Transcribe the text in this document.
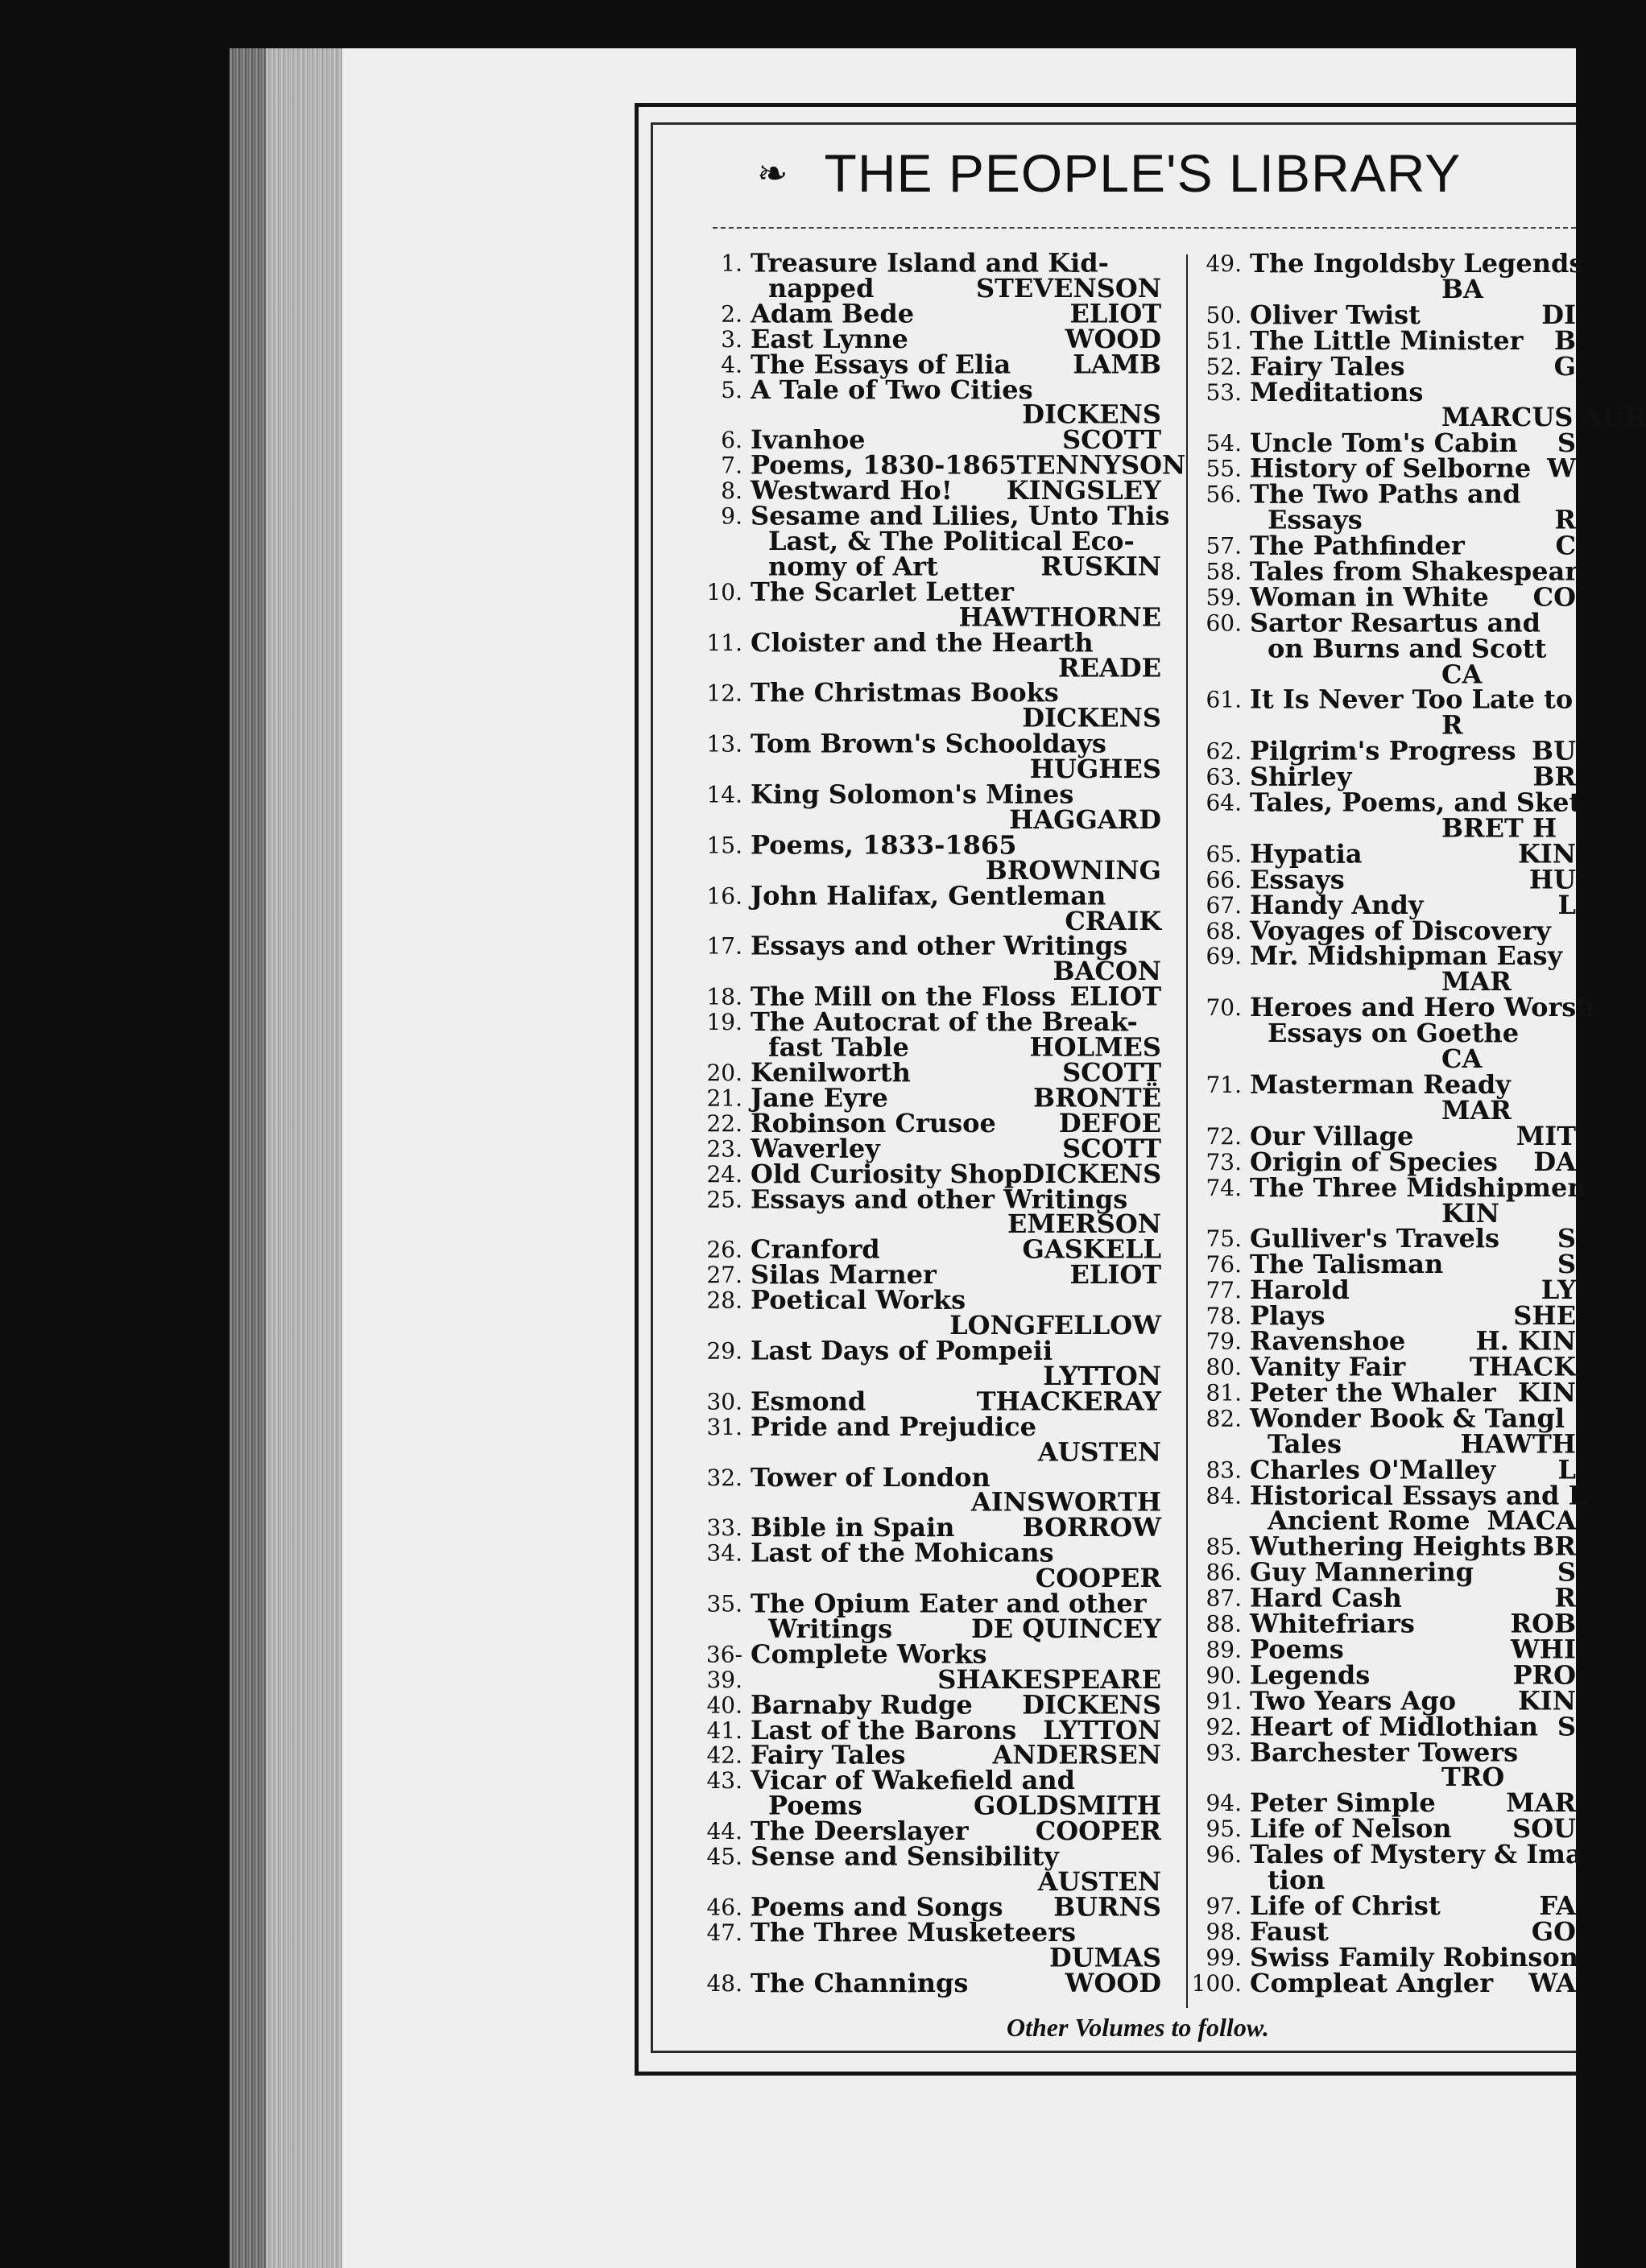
❧ THE PEOPLE'S LIBRARY
1. Treasure Island and Kid-
napped	STEVENSON
2. Adam Bede	ELIOT
3. East Lynne	WOOD
4. The Essays of Elia LAMB
5. A Tale of Two Cities
DICKENS
6. Ivanhoe	SCOTT
7. Poems, 1830-1865 TENNYSON
8. Westward Ho! KINGSLEY
9. Sesame and Lilies, Unto This
Last, & The Political Eco-
nomy of Art	RUSKIN
10. The Scarlet Letter
HAWTHORNE
11. Cloister and the Hearth
READE
12. The Christmas Books
DICKENS
13. Tom Brown's Schooldays
HUGHES
14. King Solomon's Mines
HAGGARD
15. Poems, 1833-1865
BROWNING
16. John Halifax, Gentleman
CRAIK
17. Essays and other Writings
BACON
18. The Mill on the Floss ELIOT
19. The Autocrat of the Break-
fast Table	HOLMES
20. Kenilworth	SCOTT
21. Jane Eyre	BRONTË
22. Robinson Crusoe DEFOE
23. Waverley	SCOTT
24. Old Curiosity Shop DICKENS
25. Essays and other Writings
EMERSON
26. Cranford	GASKELL
27. Silas Marner	ELIOT
28. Poetical Works
LONGFELLOW
29. Last Days of Pompeii
LYTTON
30. Esmond	THACKERAY
31. Pride and Prejudice
AUSTEN
32. Tower of London
AINSWORTH
33. Bible in Spain	BORROW
34. Last of the Mohicans
COOPER
35. The Opium Eater and other
Writings	DE QUINCEY
36-39.
Complete Works
SHAKESPEARE
40. Barnaby Rudge DICKENS
41. Last of the Barons LYTTON
42. Fairy Tales	ANDERSEN
43. Vicar of Wakefield and
Poems	GOLDSMITH
44. The Deerslayer	COOPER
45. Sense and Sensibility
AUSTEN
46. Poems and Songs BURNS
47. The Three Musketeers
DUMAS
48. The Channings	WOOD
49. The Ingoldsby Legends
BA
50. Oliver Twist	DI
51. The Little Minister B
52. Fairy Tales	G
53. Meditations
MARCUS AUR
54. Uncle Tom's Cabin S
55. History of Selborne W
56. The Two Paths and
Essays	R
57. The Pathfinder	C
58. Tales from Shakespear
59. Woman in White CO
60. Sartor Resartus and
on Burns and Scott
CA
61. It Is Never Too Late to
R
62. Pilgrim's Progress BU
63. Shirley	BR
64. Tales, Poems, and Sket
BRET H
65. Hypatia	KIN
66. Essays	HU
67. Handy Andy	L
68. Voyages of Discovery
69. Mr. Midshipman Easy
MAR
70. Heroes and Hero Worsh
Essays on Goethe
CA
71. Masterman Ready
MAR
72. Our Village	MIT
73. Origin of Species DA
74. The Three Midshipmen
KIN
75. Gulliver's Travels S
76. The Talisman	S
77. Harold	LY
78. Plays	SHE
79. Ravenshoe	H. KIN
80. Vanity Fair THACK
81. Peter the Whaler KIN
82. Wonder Book & Tangl
Tales	HAWTH
83. Charles O'Malley L
84. Historical Essays and L
Ancient Rome MACA
85. Wuthering Heights BR
86. Guy Mannering	S
87. Hard Cash	R
88. Whitefriars	ROB
89. Poems	WHI
90. Legends	PRO
91. Two Years Ago KIN
92. Heart of Midlothian S
93. Barchester Towers
TRO
94. Peter Simple	MAR
95. Life of Nelson SOU
96. Tales of Mystery & Ima
tion
97. Life of Christ	FA
98. Faust	GO
99. Swiss Family Robinson
100. Compleat Angler WA
Other Volumes to follow.
